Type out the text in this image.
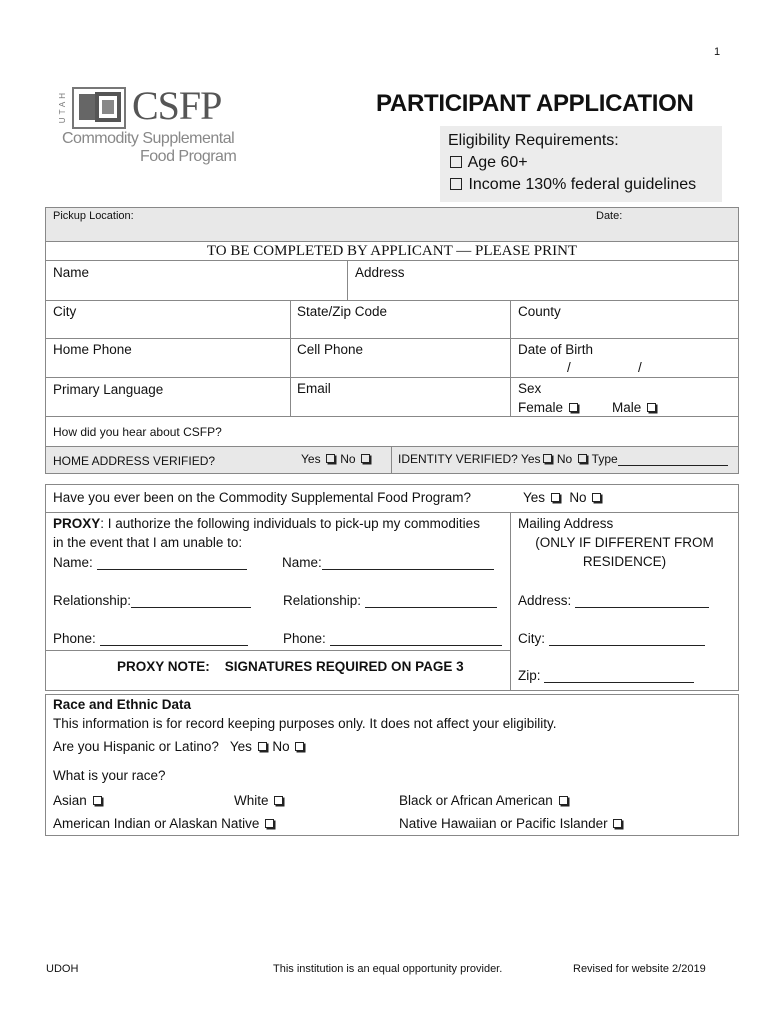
1
UTAH CSFP
Commodity Supplemental
Food Program
PARTICIPANT APPLICATION
Eligibility Requirements:
Age 60+
Income 130% federal guidelines
Pickup Location:	Date:
TO BE COMPLETED BY APPLICANT — PLEASE PRINT
Name	Address
City	State/Zip Code	County
Home Phone	Cell Phone	Date of Birth
/	/
Primary Language	Email	Sex
Female	Male
How did you hear about CSFP?
HOME ADDRESS VERIFIED?	Yes No	IDENTITY VERIFIED? Yes No Type
Have you ever been on the Commodity Supplemental Food Program?	Yes No
PROXY: I authorize the following individuals to pick-up my commodities
in the event that I am unable to:
Name:	Name:
Relationship:	Relationship:
Phone:	Phone:
PROXY NOTE: SIGNATURES REQUIRED ON PAGE 3
Mailing Address
(ONLY IF DIFFERENT FROM
RESIDENCE)
Address:
City:
Zip:
Race and Ethnic Data
This information is for record keeping purposes only. It does not affect your eligibility.
Are you Hispanic or Latino? Yes No
What is your race?
Asian	White	Black or African American
American Indian or Alaskan Native	Native Hawaiian or Pacific Islander
UDOH	This institution is an equal opportunity provider.	Revised for website 2/2019
